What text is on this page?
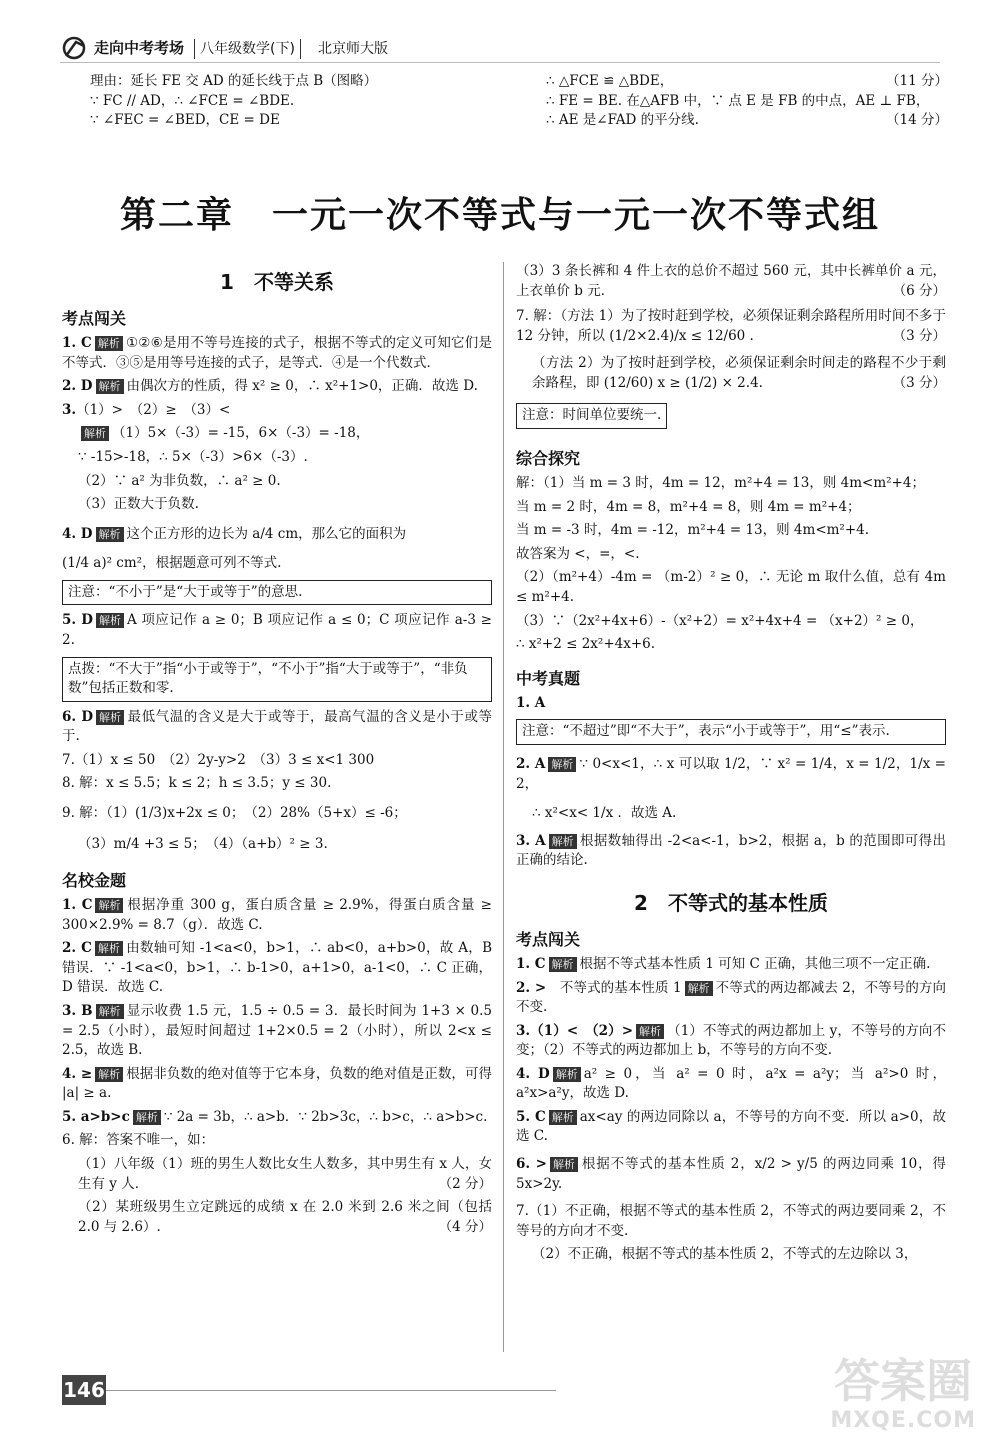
走向中考考场	八年级数学(下)	北京师大版

理由：延长 FE 交 AD 的延长线于点 B（图略）

∵ FC // AD，∴ ∠FCE = ∠BDE.

∵ ∠FEC = ∠BED，CE = DE

∴ △FCE ≌ △BDE，	（11 分）
∴ FE = BE. 在△AFB 中，∵ 点 E 是 FB 的中点，AE ⊥ FB，
∴ AE 是∠FAD 的平分线.	（14 分）
第二章　一元一次不等式与一元一次不等式组
1　不等关系
考点闯关

1. C 解析 ①②⑥是用不等号连接的式子，根据不等式的定义可知它们是不等式．③⑤是用等号连接的式子，是等式．④是一个代数式．

2. D 解析 由偶次方的性质，得 x² ≥ 0，∴ x²+1>0，正确．故选 D.

3.（1）>　（2）≥　（3）<

解析 （1）5×（-3）= -15，6×（-3）= -18，

∵ -15>-18，∴ 5×（-3）>6×（-3）.

（2）∵ a² 为非负数，∴ a² ≥ 0.

（3）正数大于负数.

4. D 解析 这个正方形的边长为 a/4 cm，那么它的面积为

(1/4 a)² cm²，根据题意可列不等式.

注意：“不小于”是“大于或等于”的意思.

5. D 解析 A 项应记作 a ≥ 0；B 项应记作 a ≤ 0；C 项应记作 a-3 ≥ 2.

点拨：“不大于”指“小于或等于”，“不小于”指“大于或等于”，“非负数”包括正数和零.

6. D 解析 最低气温的含义是大于或等于，最高气温的含义是小于或等于.

7.（1）x ≤ 50　（2）2y-y>2　（3）3 ≤ x<1 300

8. 解：x ≤ 5.5；k ≤ 2；h ≤ 3.5；y ≤ 30.

9. 解：（1）(1/3)x+2x ≤ 0；　（2）28%（5+x）≤ -6；

（3）m/4 +3 ≤ 5；　（4）（a+b）² ≥ 3.

名校金题

1. C 解析 根据净重 300 g，蛋白质含量 ≥ 2.9%，得蛋白质含量 ≥ 300×2.9% = 8.7（g）．故选 C.

2. C 解析 由数轴可知 -1<a<0，b>1，∴ ab<0，a+b>0，故 A，B 错误．∵ -1<a<0，b>1，∴ b-1>0，a+1>0，a-1<0，∴ C 正确，D 错误．故选 C.

3. B 解析 显示收费 1.5 元，1.5 ÷ 0.5 = 3．最长时间为 1+3 × 0.5 = 2.5（小时），最短时间超过 1+2×0.5 = 2（小时），所以 2<x ≤ 2.5，故选 B.

4. ≥ 解析 根据非负数的绝对值等于它本身，负数的绝对值是正数，可得 |a| ≥ a.

5. a>b>c 解析 ∵ 2a = 3b，∴ a>b．∵ 2b>3c，∴ b>c，∴ a>b>c.

6. 解：答案不唯一，如：

（1）八年级（1）班的男生人数比女生人数多，其中男生有 x 人，女生有 y 人．	（2 分）

（2）某班级男生立定跳远的成绩 x 在 2.0 米到 2.6 米之间（包括 2.0 与 2.6）.	（4 分）

（3）3 条长裤和 4 件上衣的总价不超过 560 元，其中长裤单价 a 元，上衣单价 b 元．	（6 分）

7. 解：（方法 1）为了按时赶到学校，必须保证剩余路程所用时间不多于 12 分钟，所以 (1/2×2.4)/x ≤ 12/60 .	（3 分）

（方法 2）为了按时赶到学校，必须保证剩余时间走的路程不少于剩余路程，即 (12/60) x ≥ (1/2) × 2.4.	（3 分）

注意：时间单位要统一.
综合探究

解：（1）当 m = 3 时，4m = 12，m²+4 = 13，则 4m<m²+4；

当 m = 2 时，4m = 8，m²+4 = 8，则 4m = m²+4；

当 m = -3 时，4m = -12，m²+4 = 13，则 4m<m²+4.

故答案为 <，=，<.

（2）（m²+4）-4m = （m-2）² ≥ 0，∴ 无论 m 取什么值，总有 4m ≤ m²+4.

（3）∵（2x²+4x+6）-（x²+2）= x²+4x+4 = （x+2）² ≥ 0，

∴ x²+2 ≤ 2x²+4x+6.

中考真题

1. A

注意：“不超过”即“不大于”，表示“小于或等于”，用“≤”表示.

2. A 解析 ∵ 0<x<1，∴ x 可以取 1/2，∵ x² = 1/4，x = 1/2，1/x = 2，

∴ x²<x< 1/x ．故选 A.

3. A 解析 根据数轴得出 -2<a<-1，b>2，根据 a，b 的范围即可得出正确的结论.

2　不等式的基本性质
考点闯关

1. C 解析 根据不等式基本性质 1 可知 C 正确，其他三项不一定正确.

2. >　 不等式的基本性质 1 解析 不等式的两边都减去 2，不等号的方向不变.

3.（1）<　（2）> 解析 （1）不等式的两边都加上 y，不等号的方向不变；（2）不等式的两边都加上 b，不等号的方向不变.

4. D 解析 a² ≥ 0，当 a² = 0 时，a²x = a²y；当 a²>0 时，a²x>a²y，故选 D.

5. C 解析 ax<ay 的两边同除以 a，不等号的方向不变．所以 a>0，故选 C.

6. > 解析 根据不等式的基本性质 2，x/2 > y/5 的两边同乘 10，得 5x>2y.

7.（1）不正确，根据不等式的基本性质 2，不等式的两边要同乘 2，不等号的方向才不变.

（2）不正确，根据不等式的基本性质 2，不等式的左边除以 3，

146	答案圈
MXQE.COM
